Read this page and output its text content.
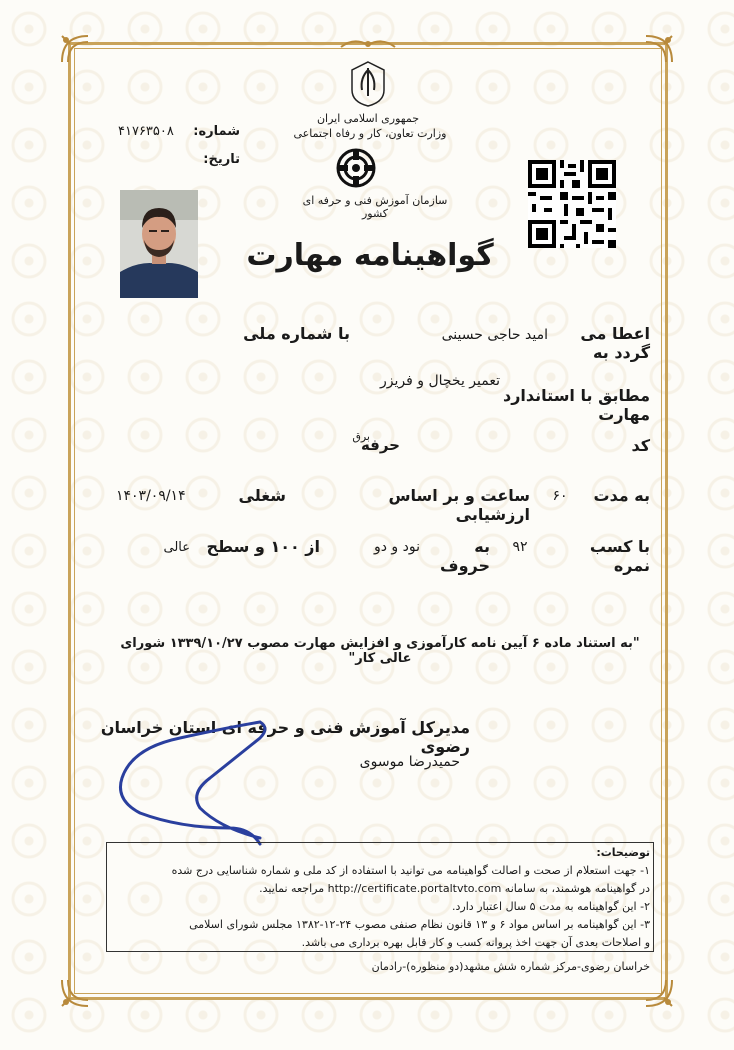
جمهوری اسلامی ایران
وزارت تعاون، کار و رفاه اجتماعی
سازمان آموزش فنی و حرفه ای کشور
شماره:
۴۱۷۶۳۵۰۸
تاریخ:
گواهینامه مهارت
اعطا می گردد به
امید حاجی حسینی
با شماره ملی
تعمیر یخچال و فریزر
مطابق با استاندارد مهارت
کد
برق
حرفه
به مدت
۶۰
ساعت و بر اساس ارزشیابی
شغلی
۱۴۰۳/۰۹/۱۴
با کسب نمره
۹۲
به حروف
نود و دو
از ۱۰۰ و سطح
عالی
"به استناد ماده ۶ آیین نامه کارآموزی و افزایش مهارت مصوب ۱۳۳۹/۱۰/۲۷ شورای عالی کار"
مدیرکل آموزش فنی و حرفه ای استان خراسان رضوی
حمیدرضا موسوی
توضیحات:
۱- جهت استعلام از صحت و اصالت گواهینامه می توانید با استفاده از کد ملی و شماره شناسایی درج شده
در گواهینامه هوشمند، به سامانه http://certificate.portaltvto.com مراجعه نمایید.
۲- این گواهینامه به مدت ۵ سال اعتبار دارد.
۳- این گواهینامه بر اساس مواد ۶ و ۱۳ قانون نظام صنفی مصوب ۲۴-۱۲-۱۳۸۲ مجلس شورای اسلامی
و اصلاحات بعدی آن جهت اخذ پروانه کسب و کار قابل بهره برداری می باشد.
خراسان رضوی-مرکز شماره شش مشهد(دو منظوره)-رادمان
